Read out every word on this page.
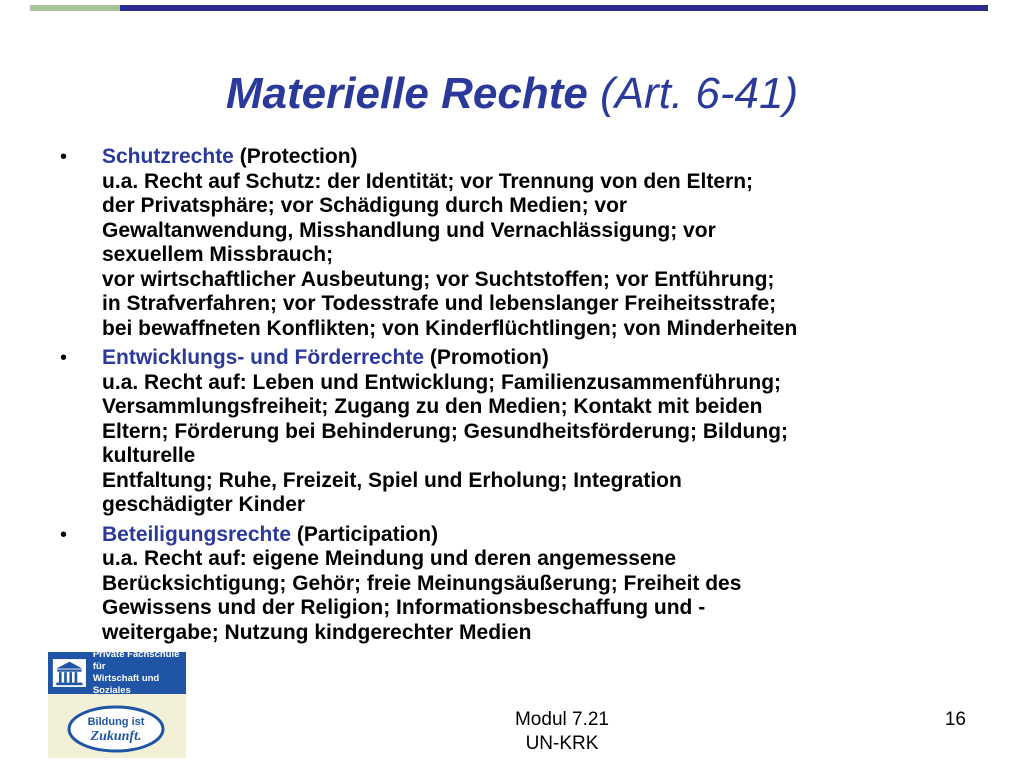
Materielle Rechte (Art. 6-41)
• Schutzrechte (Protection)
u.a. Recht auf Schutz: der Identität; vor Trennung von den Eltern;
der Privatsphäre; vor Schädigung durch Medien; vor
Gewaltanwendung, Misshandlung und Vernachlässigung; vor
sexuellem Missbrauch;
vor wirtschaftlicher Ausbeutung; vor Suchtstoffen; vor Entführung;
in Strafverfahren; vor Todesstrafe und lebenslanger Freiheitsstrafe;
bei bewaffneten Konflikten; von Kinderflüchtlingen; von Minderheiten
• Entwicklungs- und Förderrechte (Promotion)
u.a. Recht auf: Leben und Entwicklung; Familienzusammenführung;
Versammlungsfreiheit; Zugang zu den Medien; Kontakt mit beiden
Eltern; Förderung bei Behinderung; Gesundheitsförderung; Bildung;
kulturelle
Entfaltung; Ruhe, Freizeit, Spiel und Erholung; Integration
geschädigter Kinder
• Beteiligungsrechte (Participation)
u.a. Recht auf: eigene Meindung und deren angemessene
Berücksichtigung; Gehör; freie Meinungsäußerung; Freiheit des
Gewissens und der Religion; Informationsbeschaffung und -
weitergabe; Nutzung kindgerechter Medien
Private Fachschule für
Wirtschaft und Soziales
Bildung ist
Zukunft.
Modul 7.21
UN-KRK
16
